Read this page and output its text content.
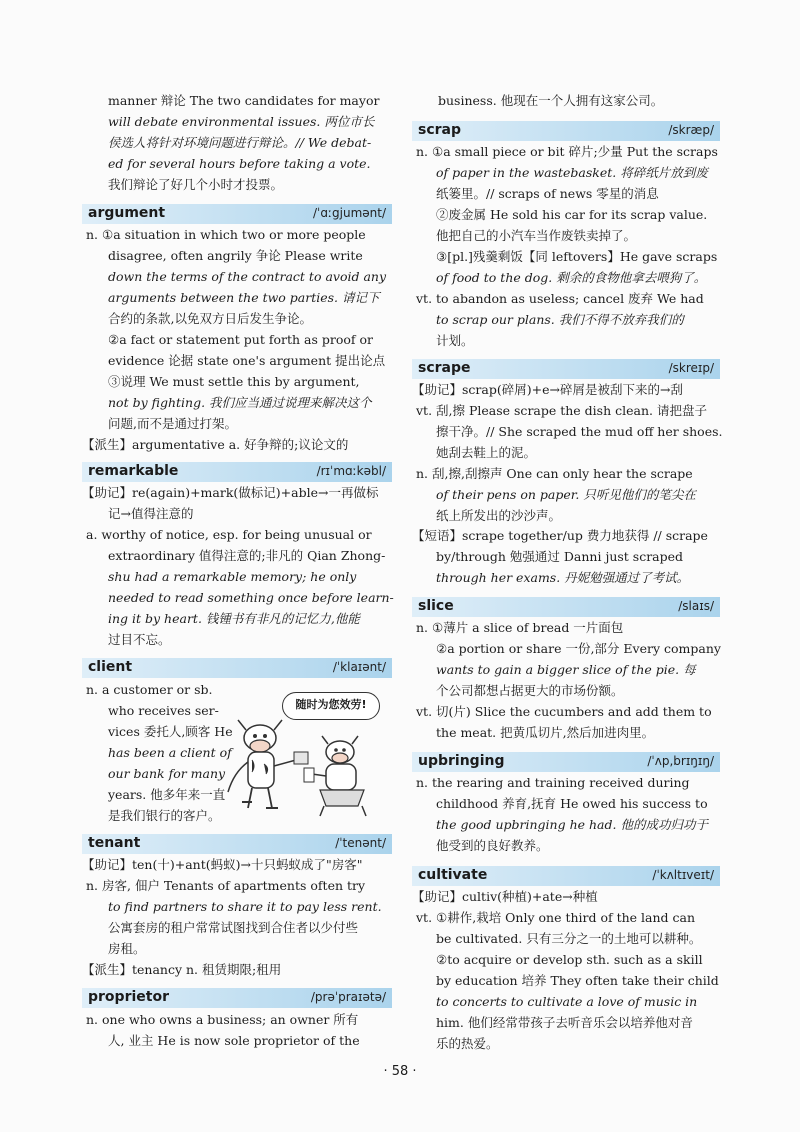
manner 辩论 The two candidates for mayor
will debate environmental issues. 两位市长
侯选人将针对环境问题进行辩论。// We debat-
ed for several hours before taking a vote.
我们辩论了好几个小时才投票。
argument	/ˈɑːgjumənt/
n. ①a situation in which two or more people
disagree, often angrily 争论 Please write
down the terms of the contract to avoid any
arguments between the two parties. 请记下
合约的条款,以免双方日后发生争论。
②a fact or statement put forth as proof or
evidence 论据 state one's argument 提出论点
③说理 We must settle this by argument,
not by fighting. 我们应当通过说理来解决这个
问题,而不是通过打架。
【派生】argumentative a. 好争辩的;议论文的
remarkable	/rɪˈmɑːkəbl/
【助记】re(again)+mark(做标记)+able→一再做标
记→值得注意的
a. worthy of notice, esp. for being unusual or
extraordinary 值得注意的;非凡的 Qian Zhong-
shu had a remarkable memory; he only
needed to read something once before learn-
ing it by heart. 钱锺书有非凡的记忆力,他能
过目不忘。
client	/ˈklaɪənt/
n. a customer or sb.
who receives ser-
vices 委托人,顾客 He
has been a client of
our bank for many
years. 他多年来一直
是我们银行的客户。
tenant	/ˈtenənt/
【助记】ten(十)+ant(蚂蚁)→十只蚂蚁成了"房客"
n. 房客, 佃户 Tenants of apartments often try
to find partners to share it to pay less rent.
公寓套房的租户常常试图找到合住者以少付些
房租。
【派生】tenancy n. 租赁期限;租用
proprietor	/prəˈpraɪətə/
n. one who owns a business; an owner 所有
人, 业主 He is now sole proprietor of the
随时为您效劳!
business. 他现在一个人拥有这家公司。
scrap	/skræp/
n. ①a small piece or bit 碎片;少量 Put the scraps
of paper in the wastebasket. 将碎纸片放到废
纸篓里。// scraps of news 零星的消息
②废金属 He sold his car for its scrap value.
他把自己的小汽车当作废铁卖掉了。
③[pl.]残羹剩饭【同 leftovers】He gave scraps
of food to the dog. 剩余的食物他拿去喂狗了。
vt. to abandon as useless; cancel 废弃 We had
to scrap our plans. 我们不得不放弃我们的
计划。
scrape	/skreɪp/
【助记】scrap(碎屑)+e→碎屑是被刮下来的→刮
vt. 刮,擦 Please scrape the dish clean. 请把盘子
擦干净。// She scraped the mud off her shoes.
她刮去鞋上的泥。
n. 刮,擦,刮擦声 One can only hear the scrape
of their pens on paper. 只听见他们的笔尖在
纸上所发出的沙沙声。
【短语】scrape together/up 费力地获得 // scrape
by/through 勉强通过 Danni just scraped
through her exams. 丹妮勉强通过了考试。
slice	/slaɪs/
n. ①薄片 a slice of bread 一片面包
②a portion or share 一份,部分 Every company
wants to gain a bigger slice of the pie. 每
个公司都想占据更大的市场份额。
vt. 切(片) Slice the cucumbers and add them to
the meat. 把黄瓜切片,然后加进肉里。
upbringing	/ˈʌp,brɪŋɪŋ/
n. the rearing and training received during
childhood 养育,抚育 He owed his success to
the good upbringing he had. 他的成功归功于
他受到的良好教养。
cultivate	/ˈkʌltɪveɪt/
【助记】cultiv(种植)+ate→种植
vt. ①耕作,栽培 Only one third of the land can
be cultivated. 只有三分之一的土地可以耕种。
②to acquire or develop sth. such as a skill
by education 培养 They often take their child
to concerts to cultivate a love of music in
him. 他们经常带孩子去听音乐会以培养他对音
乐的热爱。
· 58 ·
